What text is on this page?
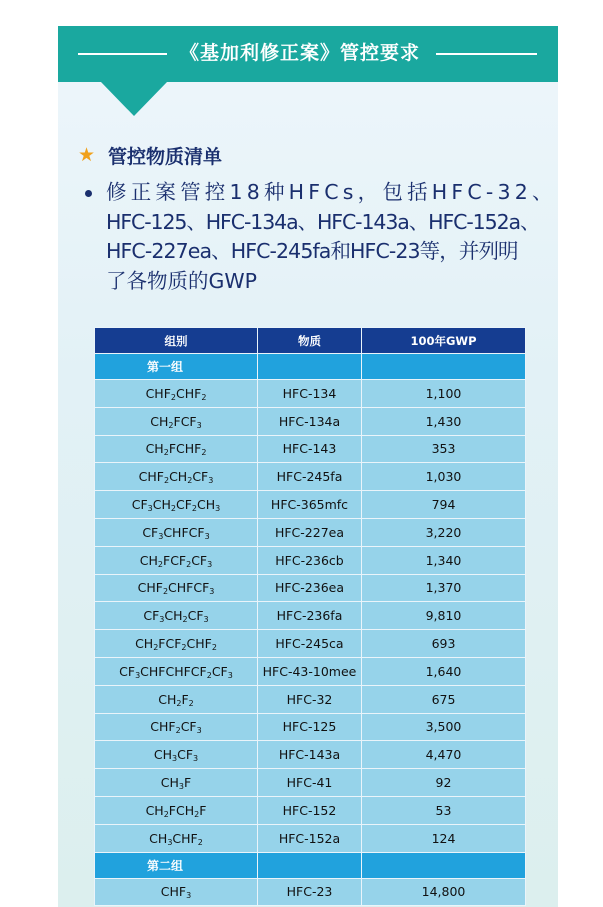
《基加利修正案》管控要求
★ 管控物质清单
修正案管控18种HFCs，包括HFC-32、
HFC-125、HFC-134a、HFC-143a、HFC-152a、
HFC-227ea、HFC-245fa和HFC-23等，并列明
了各物质的GWP
组别	物质	100年GWP
第一组		
$CHF_2CHF_2$	HFC-134	1,100
$CH_2FCF_3$	HFC-134a	1,430
$CH_2FCHF_2$	HFC-143	353
$CHF_2CH_2CF_3$	HFC-245fa	1,030
$CF_3CH_2CF_2CH_3$	HFC-365mfc	794
$CF_3CHFCF_3$	HFC-227ea	3,220
$CH_2FCF_2CF_3$	HFC-236cb	1,340
$CHF_2CHFCF_3$	HFC-236ea	1,370
$CF_3CH_2CF_3$	HFC-236fa	9,810
$CH_2FCF_2CHF_2$	HFC-245ca	693
$CF_3CHFCHFCF_2CF_3$	HFC-43-10mee	1,640
$CH_2F_2$	HFC-32	675
$CHF_2CF_3$	HFC-125	3,500
$CH_3CF_3$	HFC-143a	4,470
$CH_3F$	HFC-41	92
$CH_2FCH_2F$	HFC-152	53
$CH_3CHF_2$	HFC-152a	124
第二组		
$CHF_3$	HFC-23	14,800
